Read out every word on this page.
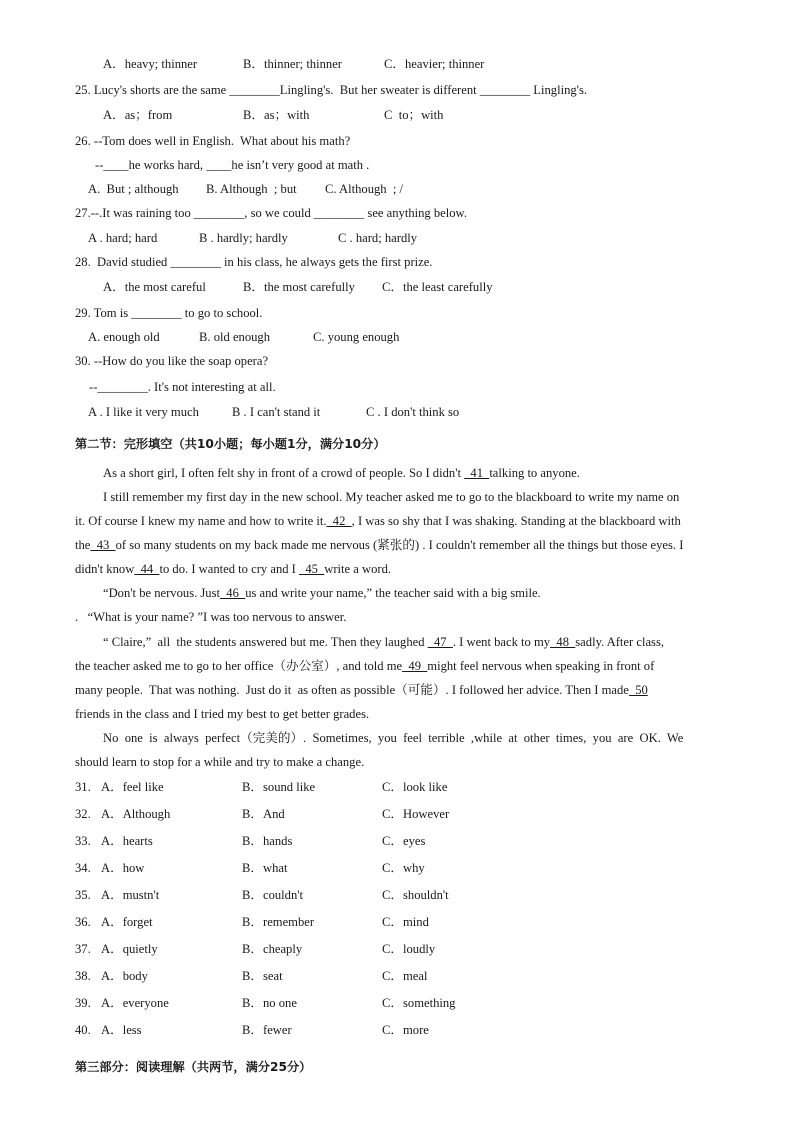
A．heavy; thinner	B．thinner; thinner	C．heavier; thinner
25. Lucy's shorts are the same ________Lingling's.  But her sweater is different ________ Lingling's.
A．as；from	B．as；with	C  to；with
26. --Tom does well in English.  What about his math?
--____he works hard, ____he isn’t very good at math .
A.  But ; although B. Although  ; but C. Although  ; /
27.--.It was raining too ________, so we could ________ see anything below.
A . hard; hard	B . hardly; hardly	C . hard; hardly
28.  David studied ________ in his class, he always gets the first prize.
A．the most careful	B．the most carefully C．the least carefully
29. Tom is ________ to go to school.
A. enough old	B. old enough	C. young enough
30. --How do you like the soap opera?
--________. It's not interesting at all.
A . I like it very much	B . I can't stand it	C . I don't think so
第二节：完形填空（共10小题；每小题1分，满分10分）
As a short girl, I often felt shy in front of a crowd of people. So I didn't   41  talking to anyone.
I still remember my first day in the new school. My teacher asked me to go to the blackboard to write my name on
it. Of course I knew my name and how to write it.  42  , I was so shy that I was shaking. Standing at the blackboard with
the  43  of so many students on my back made me nervous (紧张的) . I couldn't remember all the things but those eyes. I
didn't know  44  to do. I wanted to cry and I   45  write a word.
“Don't be nervous. Just  46  us and write your name,” the teacher said with a big smile.
.   “What is your name? ”I was too nervous to answer.
“ Claire,”  all  the students answered but me. Then they laughed   47  . I went back to my  48  sadly. After class,
the teacher asked me to go to her office（办公室）, and told me  49  might feel nervous when speaking in front of
many people.  That was nothing.  Just do it  as often as possible（可能）. I followed her advice. Then I made  50
friends in the class and I tried my best to get better grades.
No  one  is  always  perfect（完美的）.  Sometimes,  you  feel  terrible  ,while  at  other  times,  you  are  OK.  We
should learn to stop for a while and try to make a change.
31. A．feel like	B．sound like	C．look like
32. A．Although	B．And	C．However
33. A．hearts	B．hands	C．eyes
34. A．how	B．what	C．why
35. A．mustn't	B．couldn't	C．shouldn't
36. A．forget	B．remember	C．mind
37. A．quietly	B．cheaply	C．loudly
38. A．body	B．seat	C．meal
39. A．everyone	B．no one	C．something
40. A．less	B．fewer	C．more
第三部分：阅读理解（共两节，满分25分）
